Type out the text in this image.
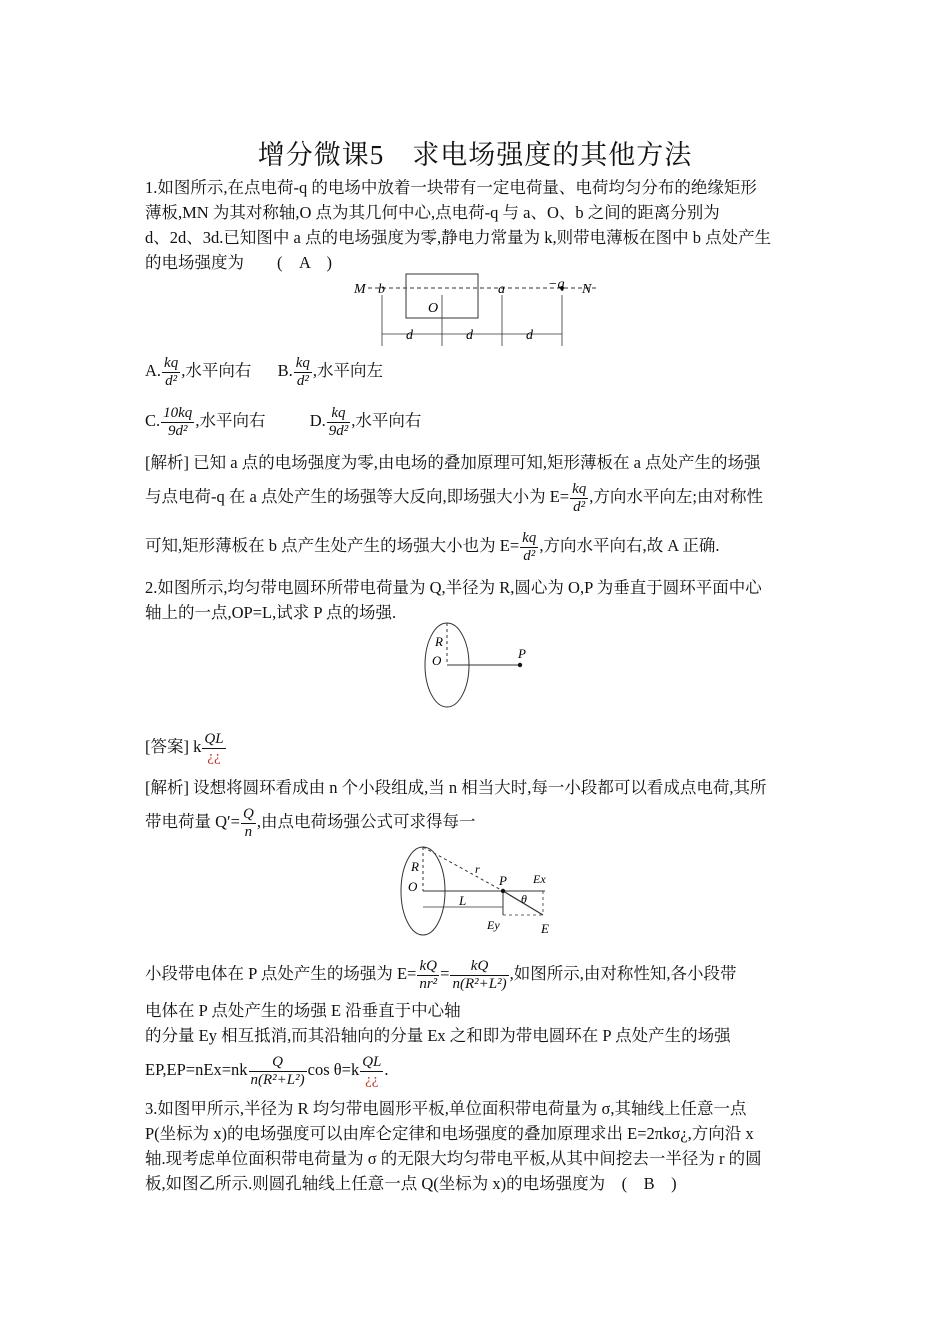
增分微课5　求电场强度的其他方法
1.如图所示,在点电荷-q 的电场中放着一块带有一定电荷量、电荷均匀分布的绝缘矩形
薄板,MN 为其对称轴,O 点为其几何中心,点电荷-q 与 a、O、b 之间的距离分别为
d、2d、3d.已知图中 a 点的电场强度为零,静电力常量为 k,则带电薄板在图中 b 点处产生
的电场强度为　　(　A　)
M b
O
a	−q N
d	d	d
A. $\frac{kq}{\text{d²}}$ ,水平向右 B. $\frac{kq}{\text{d²}}$ ,水平向左
C. $\frac{10kq}{\text{9d²}}$ ,水平向右	D. $\frac{kq}{\text{9d²}}$ ,水平向右
[解析] 已知 a 点的电场强度为零,由电场的叠加原理可知,矩形薄板在 a 点处产生的场强
与点电荷-q 在 a 点处产生的场强等大反向,即场强大小为 $E= \frac{kq}{\text{d²}}$ ,方向水平向左;由对称性
可知,矩形薄板在 b 点产生处产生的场强大小也为 $E= \frac{kq}{\text{d²}}$ ,方向水平向右,故 A 正确.
2.如图所示,均匀带电圆环所带电荷量为 Q,半径为 R,圆心为 O,P 为垂直于圆环平面中心
轴上的一点,OP=L,试求 P 点的场强.
R
O	P
[答案] k $\frac{QL}{¿¿}$
[解析] 设想将圆环看成由 n 个小段组成,当 n 相当大时,每一小段都可以看成点电荷,其所
带电荷量 $Q'= \frac{Q}{n}$ ,由点电荷场强公式可求得每一
R
O
r
P Ex
L	θ
Ey	E
小段带电体在 P 点处产生的场强为 $E= \frac{kQ}{\text{nr²}} = \frac{kQ}{\text{n(R²+L²)}}$ ,如图所示,由对称性知,各小段带
电体在 P 点处产生的场强 E 沿垂直于中心轴
的分量 Ey 相互抵消,而其沿轴向的分量 Ex 之和即为带电圆环在 P 点处产生的场强
$EP,EP=nEx=nk \frac{Q}{\text{n(R²+L²)}}$ $\cos \theta=k \frac{QL}{¿¿}$ .
3.如图甲所示,半径为 R 均匀带电圆形平板,单位面积带电荷量为 σ,其轴线上任意一点
P(坐标为 x)的电场强度可以由库仑定律和电场强度的叠加原理求出 E=2πkσ¿,方向沿 x
轴.现考虑单位面积带电荷量为 σ 的无限大均匀带电平板,从其中间挖去一半径为 r 的圆
板,如图乙所示.则圆孔轴线上任意一点 Q(坐标为 x)的电场强度为　(　B　)
